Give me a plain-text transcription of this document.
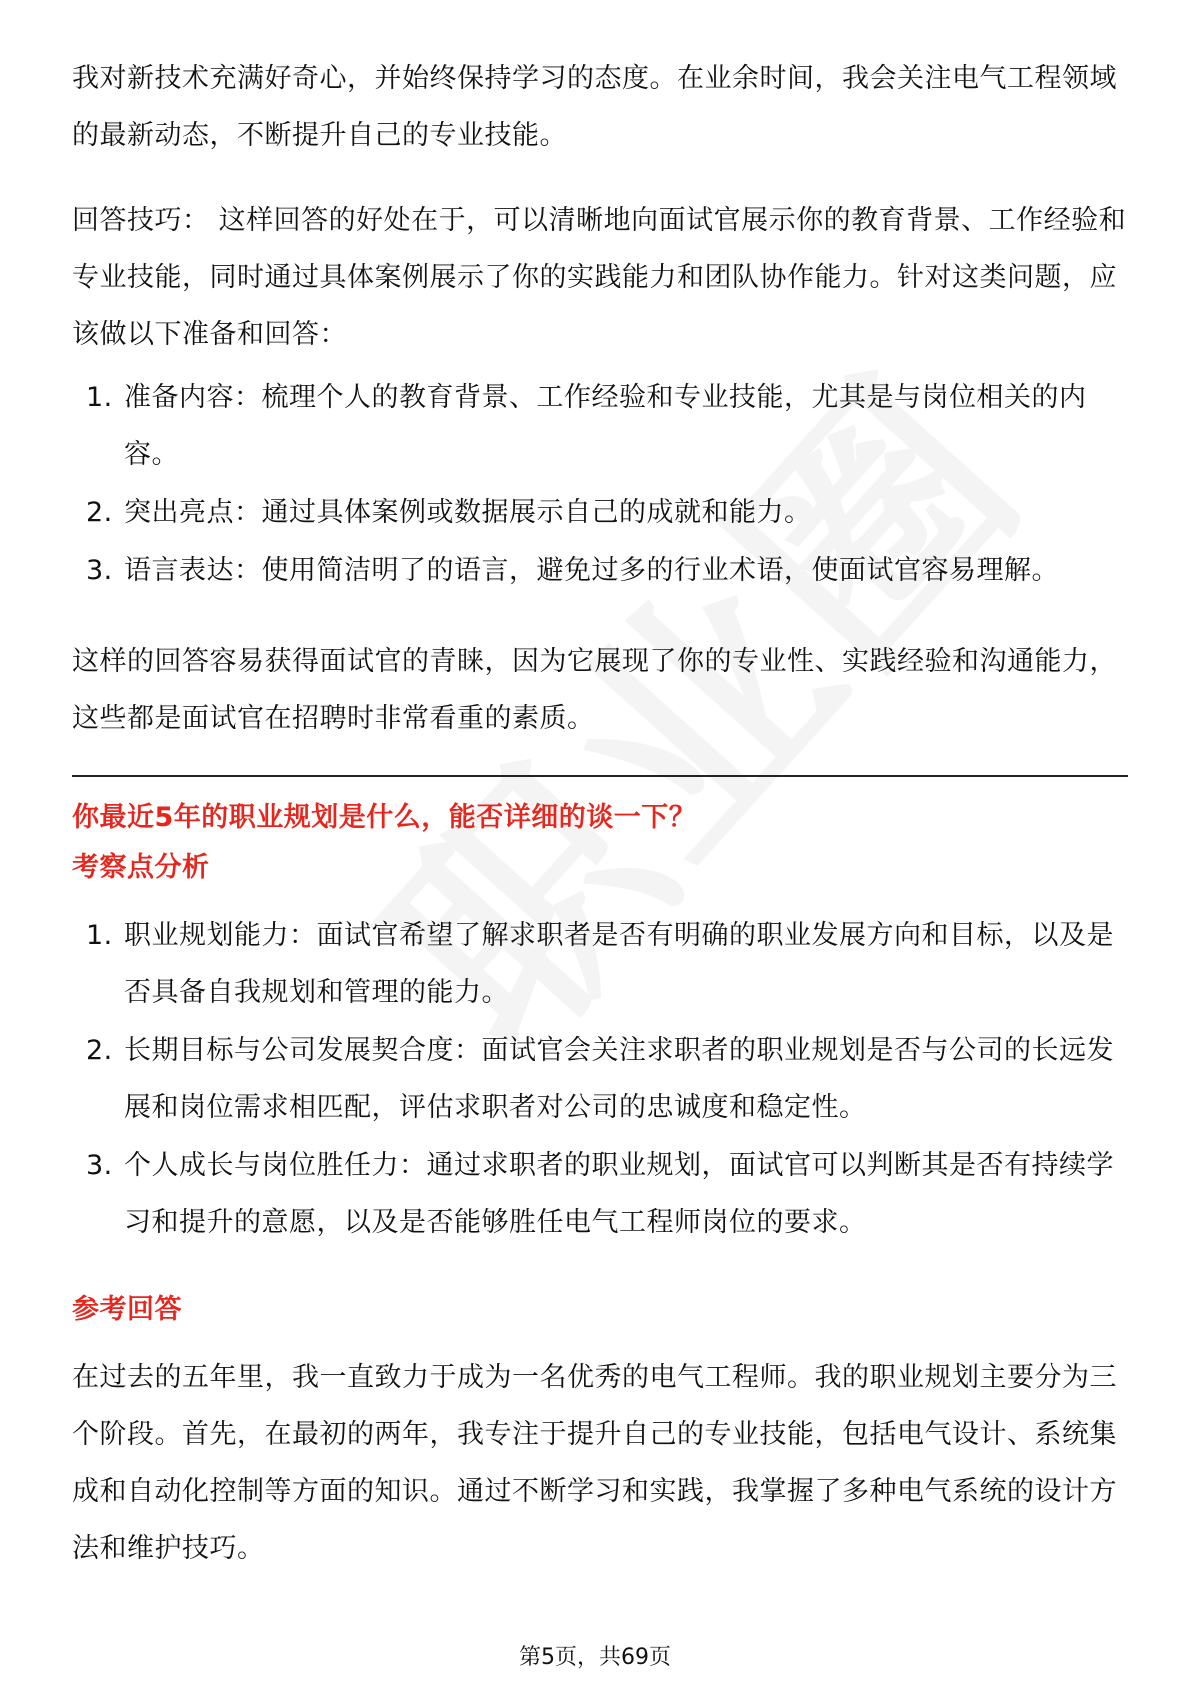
我对新技术充满好奇心，并始终保持学习的态度。在业余时间，我会关注电气工程领域的最新动态，不断提升自己的专业技能。

回答技巧： 这样回答的好处在于，可以清晰地向面试官展示你的教育背景、工作经验和专业技能，同时通过具体案例展示了你的实践能力和团队协作能力。针对这类问题，应该做以下准备和回答：

1. 准备内容：梳理个人的教育背景、工作经验和专业技能，尤其是与岗位相关的内容。
2. 突出亮点：通过具体案例或数据展示自己的成就和能力。
3. 语言表达：使用简洁明了的语言，避免过多的行业术语，使面试官容易理解。

这样的回答容易获得面试官的青睐，因为它展现了你的专业性、实践经验和沟通能力，这些都是面试官在招聘时非常看重的素质。

你最近5年的职业规划是什么，能否详细的谈一下？
考察点分析
1. 职业规划能力：面试官希望了解求职者是否有明确的职业发展方向和目标，以及是否具备自我规划和管理的能力。
2. 长期目标与公司发展契合度：面试官会关注求职者的职业规划是否与公司的长远发展和岗位需求相匹配，评估求职者对公司的忠诚度和稳定性。
3. 个人成长与岗位胜任力：通过求职者的职业规划，面试官可以判断其是否有持续学习和提升的意愿，以及是否能够胜任电气工程师岗位的要求。
参考回答

在过去的五年里，我一直致力于成为一名优秀的电气工程师。我的职业规划主要分为三个阶段。首先，在最初的两年，我专注于提升自己的专业技能，包括电气设计、系统集成和自动化控制等方面的知识。通过不断学习和实践，我掌握了多种电气系统的设计方法和维护技巧。

第5页，共69页
